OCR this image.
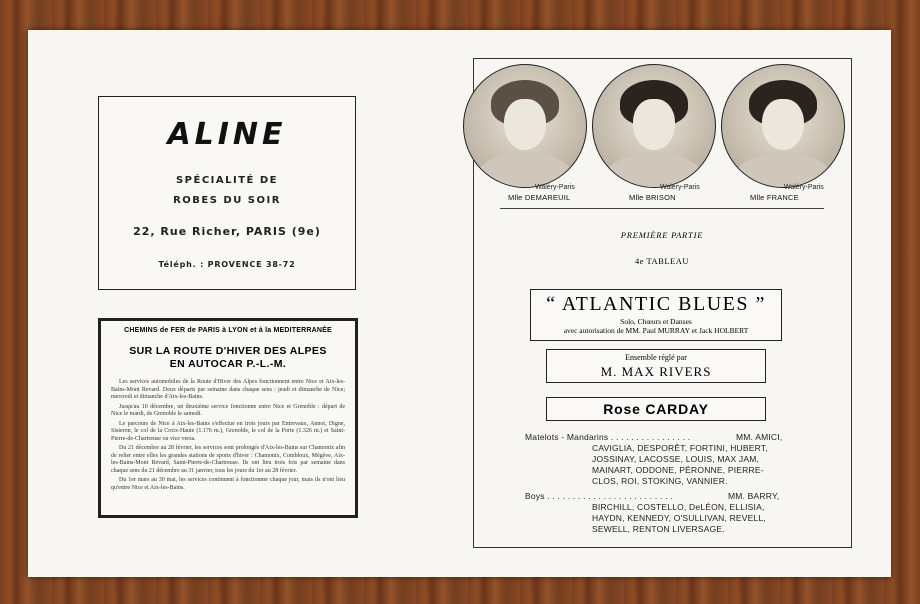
ALINE
SPÉCIALITÉ DE
ROBES DU SOIR
22, Rue Richer, PARIS (9e)
Téléph. : PROVENCE 38-72
CHEMINS de FER de PARIS à LYON et à la MEDITERRANÉE
SUR LA ROUTE D'HIVER DES ALPES
EN AUTOCAR P.-L.-M.

Les services automobiles de la Route d'Hiver des Alpes fonctionnent entre Nice et Aix-les-Bains-Mont Revard. Deux départs par semaine dans chaque sens : jeudi et dimanche de Nice; mercredi et dimanche d'Aix-les-Bains.

Jusqu'au 10 décembre, un deuxième service fonctionne entre Nice et Grenoble : départ de Nice le mardi, de Grenoble le samedi.

Le parcours de Nice à Aix-les-Bains s'effectue en trois jours par Entrevaux, Annot, Digne, Sisteron, le col de la Croix-Haute (1.176 m.), Grenoble, le col de la Porte (1.326 m.) et Saint-Pierre-de-Chartreuse ou vice versa.

Du 21 décembre au 28 février, les services sont prolongés d'Aix-les-Bains sur Chamonix afin de relier entre elles les grandes stations de sports d'hiver : Chamonix, Combloux, Mégève, Aix-les-Bains-Mont Revard, Saint-Pierre-de-Chartreuse. Ils ont lieu trois fois par semaine dans chaque sens du 21 décembre au 31 janvier, tous les jours du 1er au 28 février.

Du 1er mars au 30 mai, les services continuent à fonctionner chaque jour, mais ils n'ont lieu qu'entre Nice et Aix-les-Bains.

Waléry-Paris
Mlle DEMAREUIL
Waléry-Paris
Mlle BRISON
Waléry-Paris
Mlle FRANCE
PREMIÈRE PARTIE
4e TABLEAU
“ ATLANTIC BLUES ”
Solo, Chœurs et Danses
avec autorisation de MM. Paul MURRAY et Jack HOLBERT
Ensemble réglé par
M. MAX RIVERS
Rose CARDAY
Matelots - Mandarins . . . . . . . . . . . . . . . .	MM. AMICI,
CAVIGLIA, DESPORÊT, FORTINI, HUBERT,
JOSSINAY, LACOSSE, LOUIS, MAX JAM,
MAINART, ODDONE, PÉRONNE, PIERRE-
CLOS, ROI, STOKING, VANNIER.
Boys . . . . . . . . . . . . . . . . . . . . . . . . .	MM. BARRY,
BIRCHILL, COSTELLO, DeLÉON, ELLISIA,
HAYDN, KENNEDY, O'SULLIVAN, REVELL,
SEWELL, RENTON LIVERSAGE.
